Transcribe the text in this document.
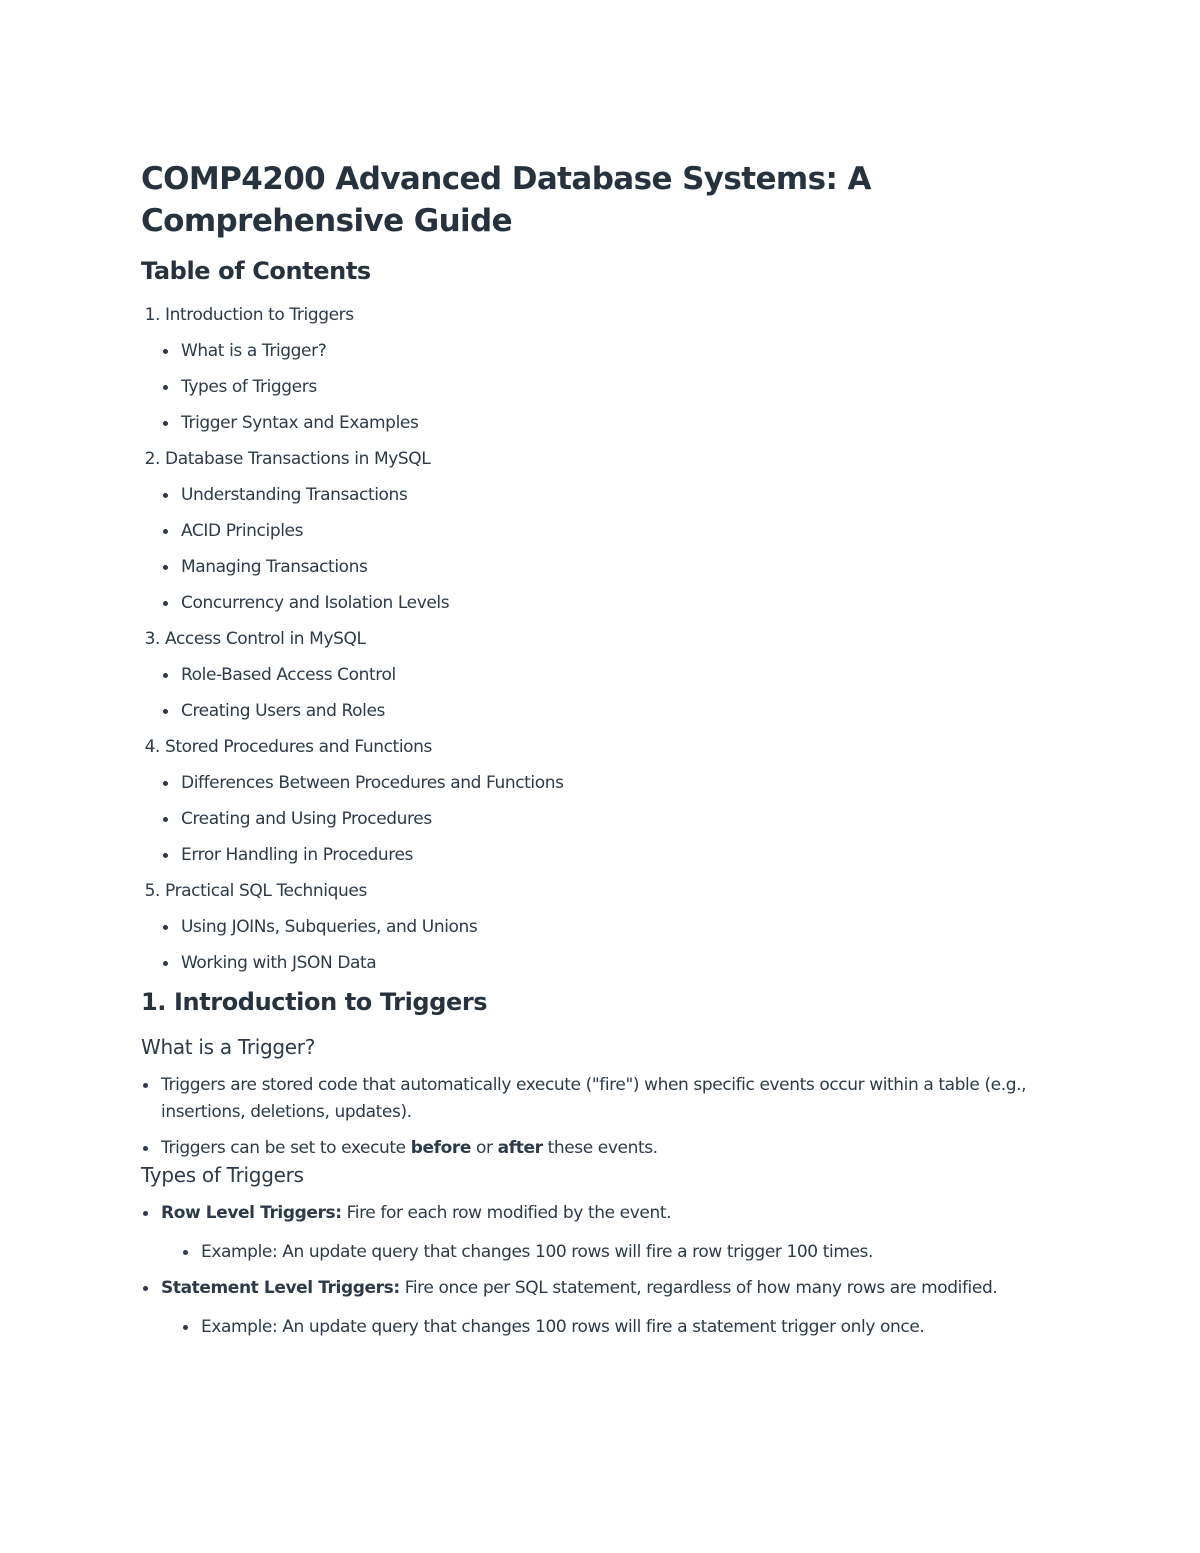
COMP4200 Advanced Database Systems: A Comprehensive Guide
Table of Contents
1. Introduction to Triggers
What is a Trigger?
Types of Triggers
Trigger Syntax and Examples
2. Database Transactions in MySQL
Understanding Transactions
ACID Principles
Managing Transactions
Concurrency and Isolation Levels
3. Access Control in MySQL
Role-Based Access Control
Creating Users and Roles
4. Stored Procedures and Functions
Differences Between Procedures and Functions
Creating and Using Procedures
Error Handling in Procedures
5. Practical SQL Techniques
Using JOINs, Subqueries, and Unions
Working with JSON Data
1. Introduction to Triggers
What is a Trigger?
Triggers are stored code that automatically execute ("fire") when specific events occur within a table (e.g., insertions, deletions, updates).
Triggers can be set to execute before or after these events.
Types of Triggers
Row Level Triggers: Fire for each row modified by the event.
Example: An update query that changes 100 rows will fire a row trigger 100 times.
Statement Level Triggers: Fire once per SQL statement, regardless of how many rows are modified.
Example: An update query that changes 100 rows will fire a statement trigger only once.
